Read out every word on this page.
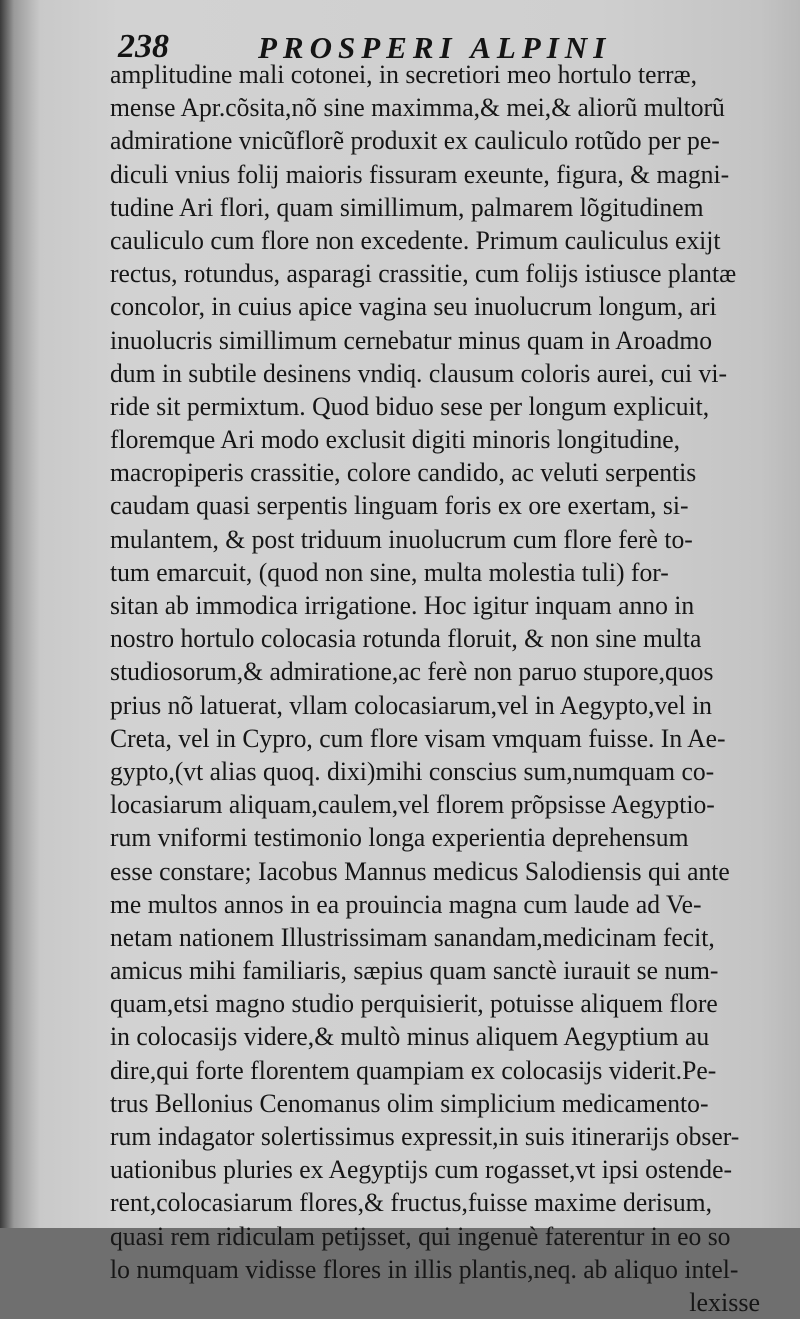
238	PROSPERI ALPINI
amplitudine mali cotonei, in secretiori meo hortulo terræ,
mense Apr.cõsita,nõ sine maximma,& mei,& aliorũ multorũ
admiratione vnicũflorẽ produxit ex cauliculo rotũdo per pe-
diculi vnius folij maioris fissuram exeunte, figura, & magni-
tudine Ari flori, quam simillimum, palmarem lõgitudinem
cauliculo cum flore non excedente. Primum cauliculus exijt
rectus, rotundus, asparagi crassitie, cum folijs istiusce plantæ
concolor, in cuius apice vagina seu inuolucrum longum, ari
inuolucris simillimum cernebatur minus quam in Aroadmo
dum in subtile desinens vndiq. clausum coloris aurei, cui vi-
ride sit permixtum. Quod biduo sese per longum explicuit,
floremque Ari modo exclusit digiti minoris longitudine,
macropiperis crassitie, colore candido, ac veluti serpentis
caudam quasi serpentis linguam foris ex ore exertam, si-
mulantem, & post triduum inuolucrum cum flore ferè to-
tum emarcuit, (quod non sine, multa molestia tuli) for-
sitan ab immodica irrigatione. Hoc igitur inquam anno in
nostro hortulo colocasia rotunda floruit, & non sine multa
studiosorum,& admiratione,ac ferè non paruo stupore,quos
prius nõ latuerat, vllam colocasiarum,vel in Aegypto,vel in
Creta, vel in Cypro, cum flore visam vmquam fuisse. In Ae-
gypto,(vt alias quoq. dixi)mihi conscius sum,numquam co-
locasiarum aliquam,caulem,vel florem prõpsisse Aegyptio-
rum vniformi testimonio longa experientia deprehensum
esse constare; Iacobus Mannus medicus Salodiensis qui ante
me multos annos in ea prouincia magna cum laude ad Ve-
netam nationem Illustrissimam sanandam,medicinam fecit,
amicus mihi familiaris, sæpius quam sanctè iurauit se num-
quam,etsi magno studio perquisierit, potuisse aliquem flore
in colocasijs videre,& multò minus aliquem Aegyptium au
dire,qui forte florentem quampiam ex colocasijs viderit.Pe-
trus Bellonius Cenomanus olim simplicium medicamento-
rum indagator solertissimus expressit,in suis itinerarijs obser-
uationibus pluries ex Aegyptijs cum rogasset,vt ipsi ostende-
rent,colocasiarum flores,& fructus,fuisse maxime derisum,
quasi rem ridiculam petijsset, qui ingenuè faterentur in eo so
lo numquam vidisse flores in illis plantis,neq. ab aliquo intel-
lexisse
